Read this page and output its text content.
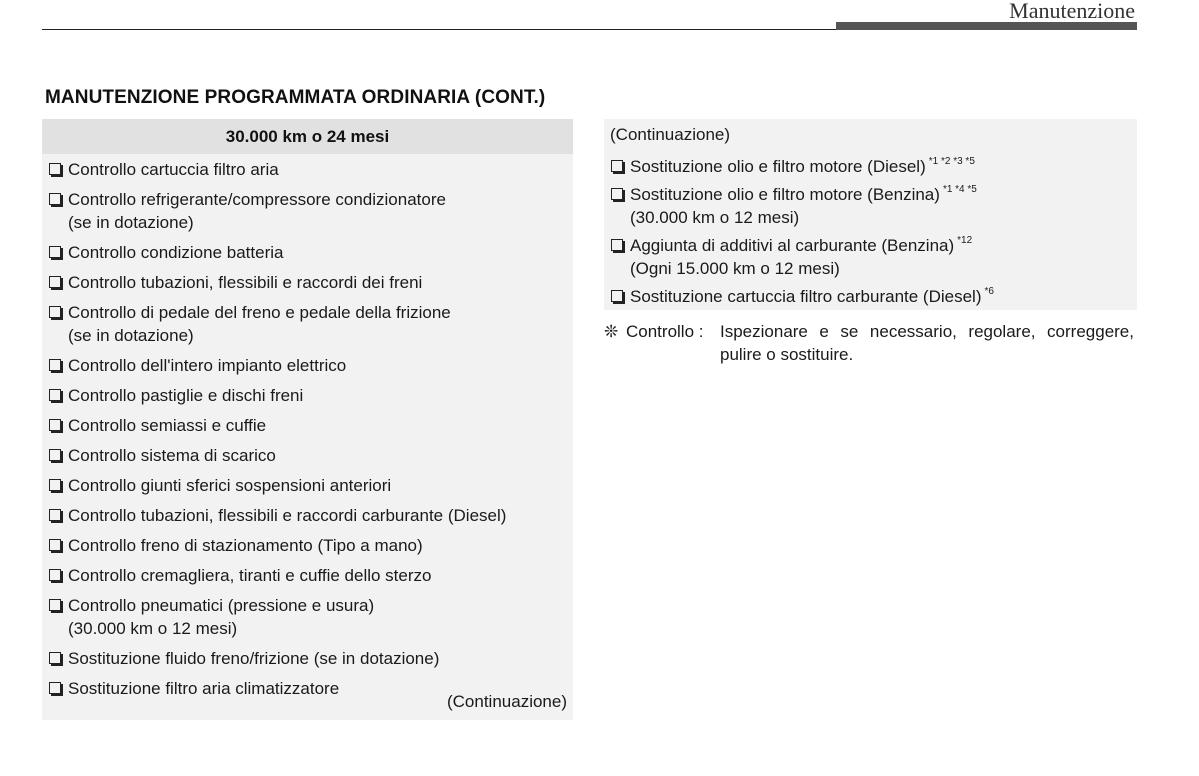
Manutenzione
MANUTENZIONE PROGRAMMATA ORDINARIA (CONT.)
30.000 km o 24 mesi
Controllo cartuccia filtro aria
Controllo refrigerante/compressore condizionatore
(se in dotazione)
Controllo condizione batteria
Controllo tubazioni, flessibili e raccordi dei freni
Controllo di pedale del freno e pedale della frizione
(se in dotazione)
Controllo dell'intero impianto elettrico
Controllo pastiglie e dischi freni
Controllo semiassi e cuffie
Controllo sistema di scarico
Controllo giunti sferici sospensioni anteriori
Controllo tubazioni, flessibili e raccordi carburante (Diesel)
Controllo freno di stazionamento (Tipo a mano)
Controllo cremagliera, tiranti e cuffie dello sterzo
Controllo pneumatici (pressione e usura)
(30.000 km o 12 mesi)
Sostituzione fluido freno/frizione (se in dotazione)
Sostituzione filtro aria climatizzatore
(Continuazione)
(Continuazione)
Sostituzione olio e filtro motore (Diesel) $^{*1 *2 *3 *5}$
Sostituzione olio e filtro motore (Benzina) $^{*1 *4 *5}$
(30.000 km o 12 mesi)
Aggiunta di additivi al carburante (Benzina) $^{*12}$
(Ogni 15.000 km o 12 mesi)
Sostituzione cartuccia filtro carburante (Diesel) $^{*6}$
❊ Controllo : Ispezionare e se necessario, regolare, correggere, pulire o sostituire.
